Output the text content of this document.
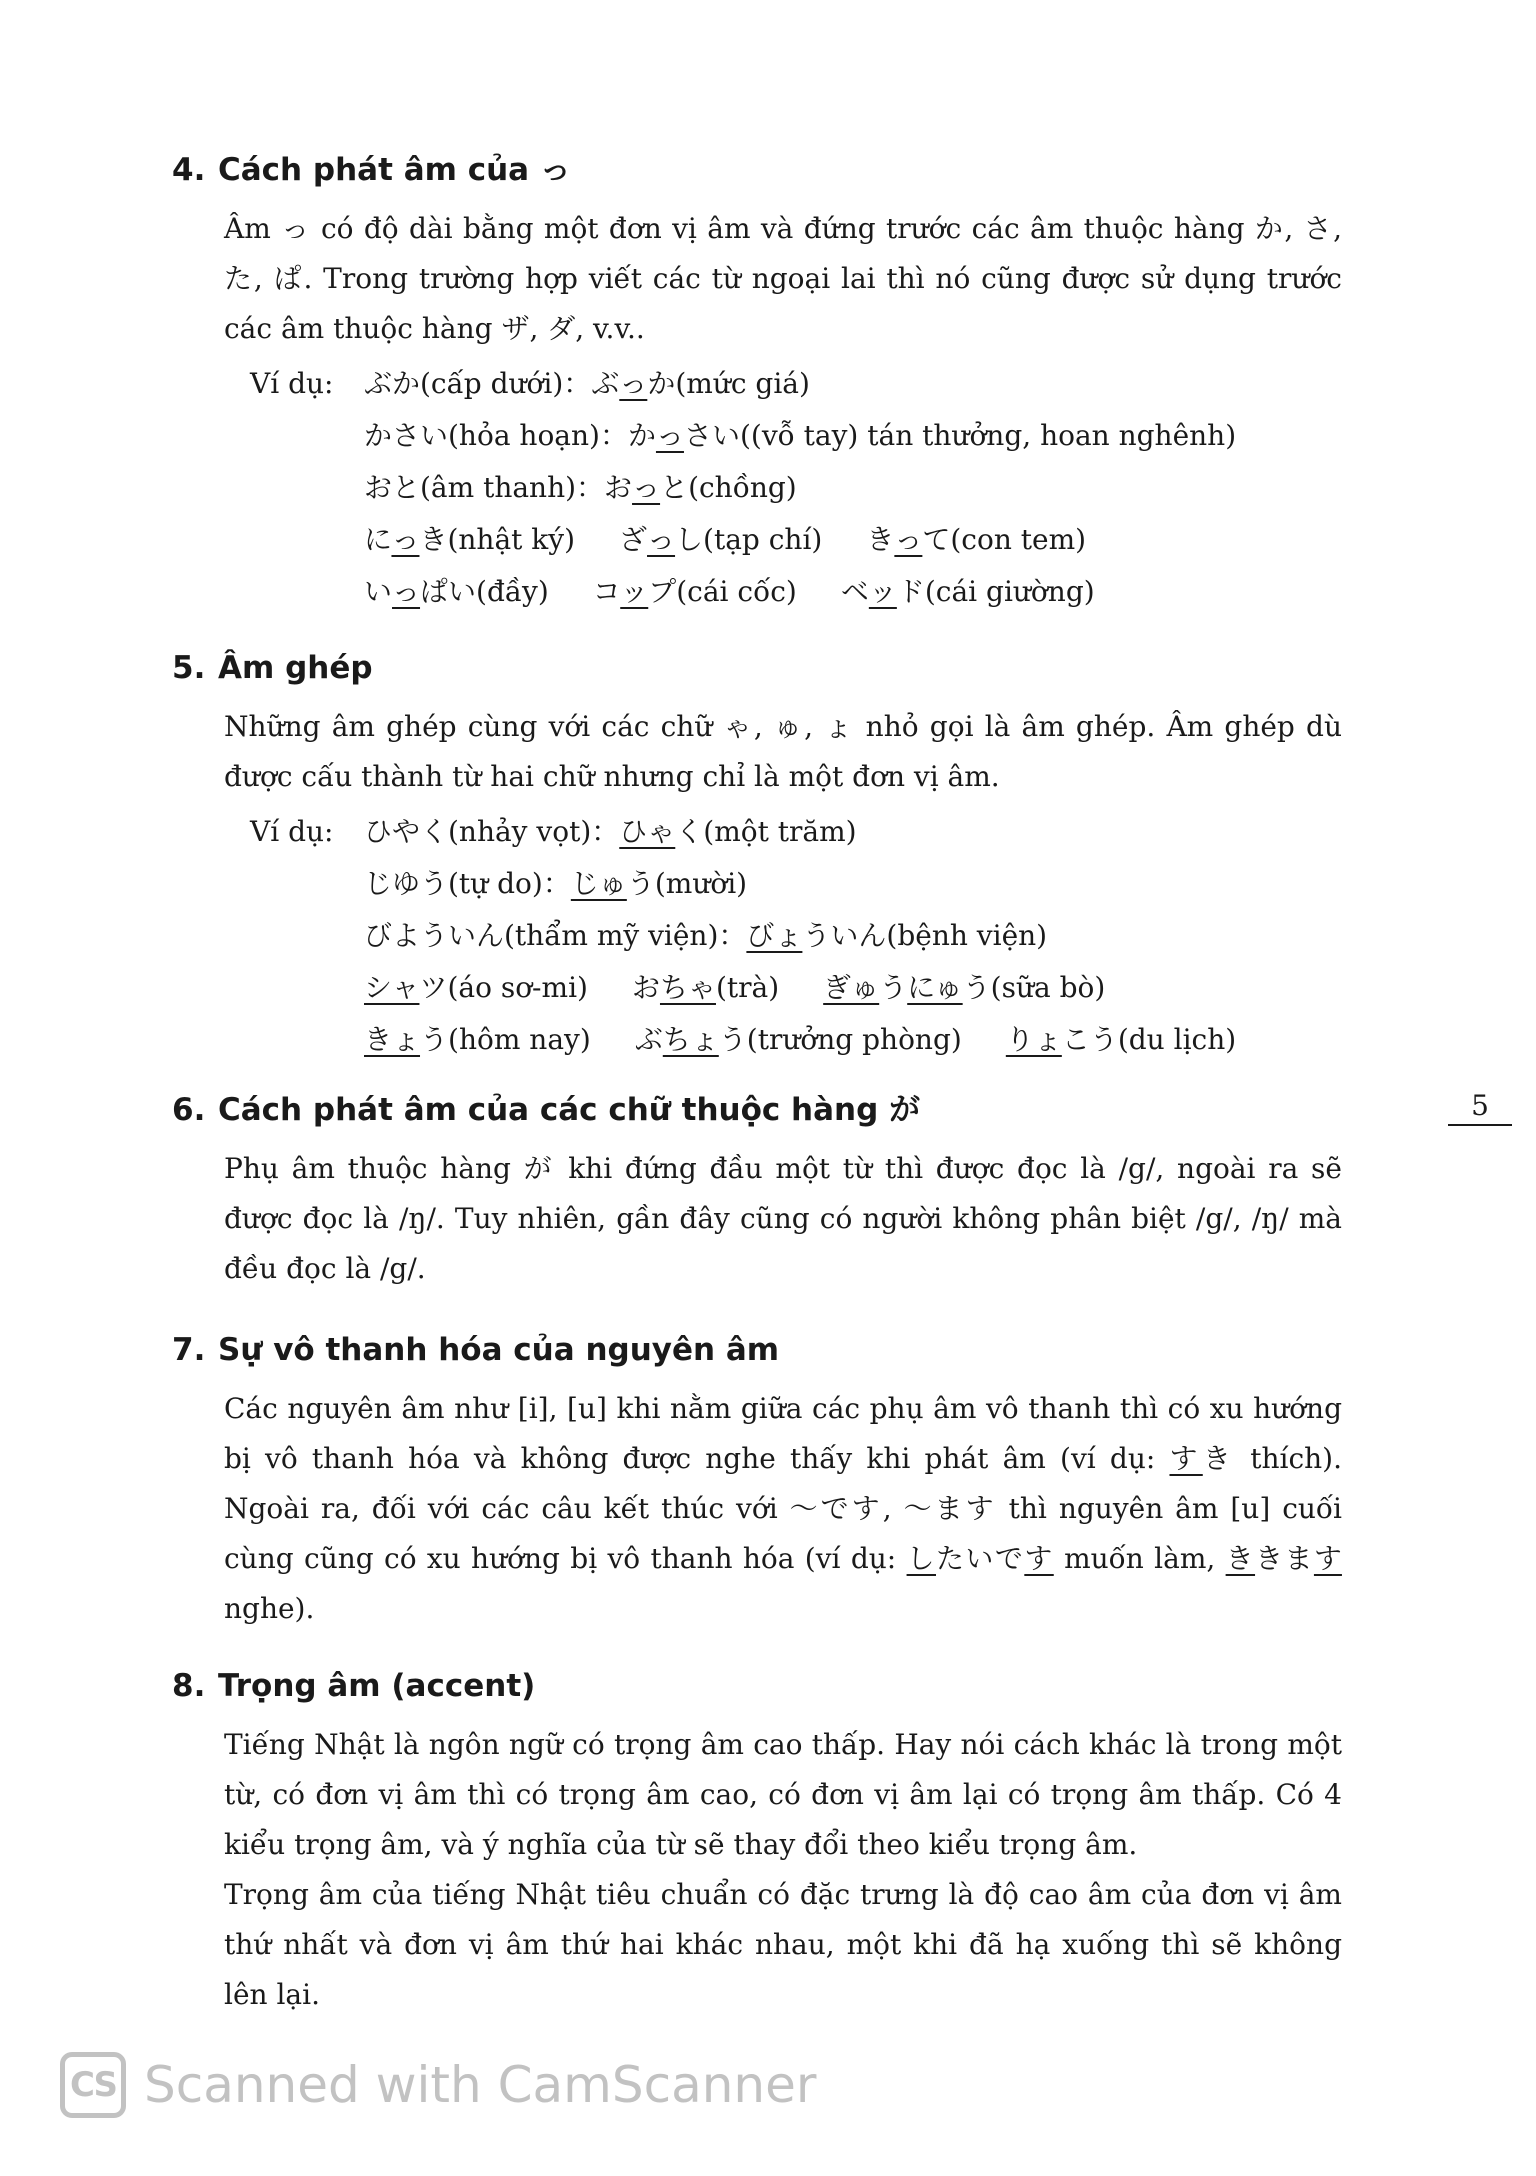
4. Cách phát âm của っ

Âm っ có độ dài bằng một đơn vị âm và đứng trước các âm thuộc hàng か, さ, た, ぱ. Trong trường hợp viết các từ ngoại lai thì nó cũng được sử dụng trước các âm thuộc hàng ザ, ダ, v.v..

Ví dụ:	ぶか(cấp dưới)：ぶっか(mức giá)
かさい(hỏa hoạn)：かっさい((vỗ tay) tán thưởng, hoan nghênh)
おと(âm thanh)：おっと(chồng)
にっき(nhật ký) ざっし(tạp chí) きって(con tem)
いっぱい(đầy) コップ(cái cốc) ベッド(cái giường)
5. Âm ghép

Những âm ghép cùng với các chữ ゃ, ゅ, ょ nhỏ gọi là âm ghép. Âm ghép dù được cấu thành từ hai chữ nhưng chỉ là một đơn vị âm.

Ví dụ:	ひやく(nhảy vọt)：ひゃく(một trăm)
じゆう(tự do)：じゅう(mười)
びよういん(thẩm mỹ viện)：びょういん(bệnh viện)
シャツ(áo sơ-mi) おちゃ(trà) ぎゅうにゅう(sữa bò)
きょう(hôm nay) ぶちょう(trưởng phòng) りょこう(du lịch)
6. Cách phát âm của các chữ thuộc hàng が

Phụ âm thuộc hàng が khi đứng đầu một từ thì được đọc là /g/, ngoài ra sẽ được đọc là /ŋ/. Tuy nhiên, gần đây cũng có người không phân biệt /g/, /ŋ/ mà đều đọc là /g/.

7. Sự vô thanh hóa của nguyên âm

Các nguyên âm như [i], [u] khi nằm giữa các phụ âm vô thanh thì có xu hướng bị vô thanh hóa và không được nghe thấy khi phát âm (ví dụ: すき thích). Ngoài ra, đối với các câu kết thúc với ～です, ～ます thì nguyên âm [u] cuối cùng cũng có xu hướng bị vô thanh hóa (ví dụ: したいです muốn làm, ききます nghe).

8. Trọng âm (accent)

Tiếng Nhật là ngôn ngữ có trọng âm cao thấp. Hay nói cách khác là trong một từ, có đơn vị âm thì có trọng âm cao, có đơn vị âm lại có trọng âm thấp. Có 4 kiểu trọng âm, và ý nghĩa của từ sẽ thay đổi theo kiểu trọng âm.

Trọng âm của tiếng Nhật tiêu chuẩn có đặc trưng là độ cao âm của đơn vị âm thứ nhất và đơn vị âm thứ hai khác nhau, một khi đã hạ xuống thì sẽ không lên lại.

5
CS Scanned with CamScanner
